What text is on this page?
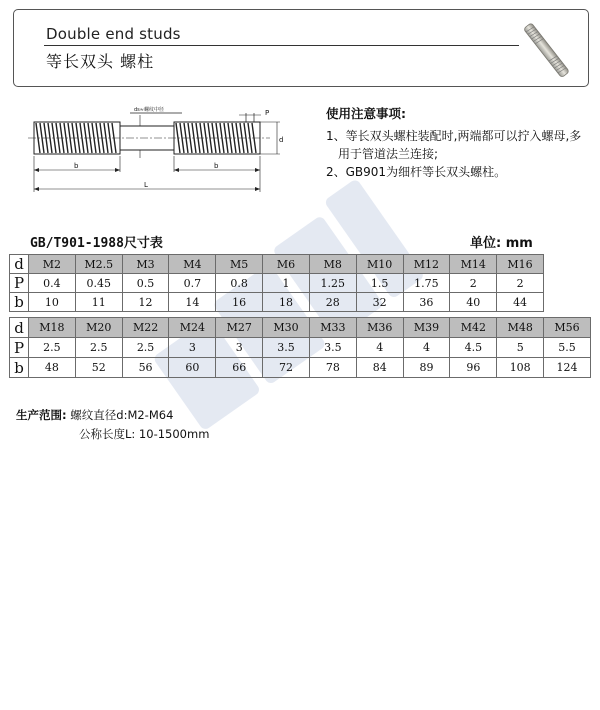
Double end studs
等长双头 螺柱
ds≈螺纹中径	P
d
b	b
L
使用注意事项:
1、等长双头螺柱装配时,两端都可以拧入螺母,多用于管道法兰连接;
2、GB901为细杆等长双头螺柱。
GB/T901-1988尺寸表	单位: mm
d	M2	M2.5	M3	M4	M5	M6	M8	M10	M12	M14	M16
P	0.4	0.45	0.5	0.7	0.8	1	1.25	1.5	1.75	2	2
b	10	11	12	14	16	18	28	32	36	40	44
d	M18	M20	M22	M24	M27	M30	M33	M36	M39	M42	M48	M56
P	2.5	2.5	2.5	3	3	3.5	3.5	4	4	4.5	5	5.5
b	48	52	56	60	66	72	78	84	89	96	108	124
生产范围: 螺纹直径d:M2-M64
公称长度L: 10-1500mm
